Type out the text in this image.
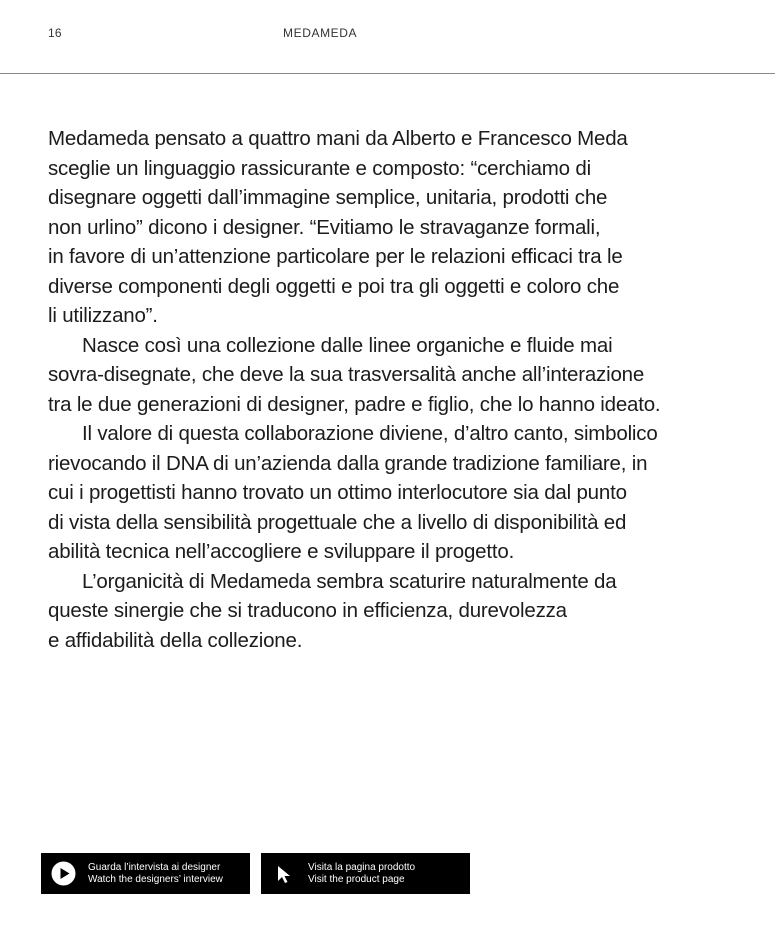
16	MEDAMEDA

Medameda pensato a quattro mani da Alberto e Francesco Meda
sceglie un linguaggio rassicurante e composto: “cerchiamo di
disegnare oggetti dall’immagine semplice, unitaria, prodotti che
non urlino” dicono i designer. “Evitiamo le stravaganze formali,
in favore di un’attenzione particolare per le relazioni efficaci tra le
diverse componenti degli oggetti e poi tra gli oggetti e coloro che
li utilizzano”.

Nasce così una collezione dalle linee organiche e fluide mai
sovra-disegnate, che deve la sua trasversalità anche all’interazione
tra le due generazioni di designer, padre e figlio, che lo hanno ideato.

Il valore di questa collaborazione diviene, d’altro canto, simbolico
rievocando il DNA di un’azienda dalla grande tradizione familiare, in
cui i progettisti hanno trovato un ottimo interlocutore sia dal punto
di vista della sensibilità progettuale che a livello di disponibilità ed
abilità tecnica nell’accogliere e sviluppare il progetto.

L’organicità di Medameda sembra scaturire naturalmente da
queste sinergie che si traducono in efficienza, durevolezza
e affidabilità della collezione.

Guarda l’intervista ai designer
Watch the designers’ interview
Visita la pagina prodotto
Visit the product page
